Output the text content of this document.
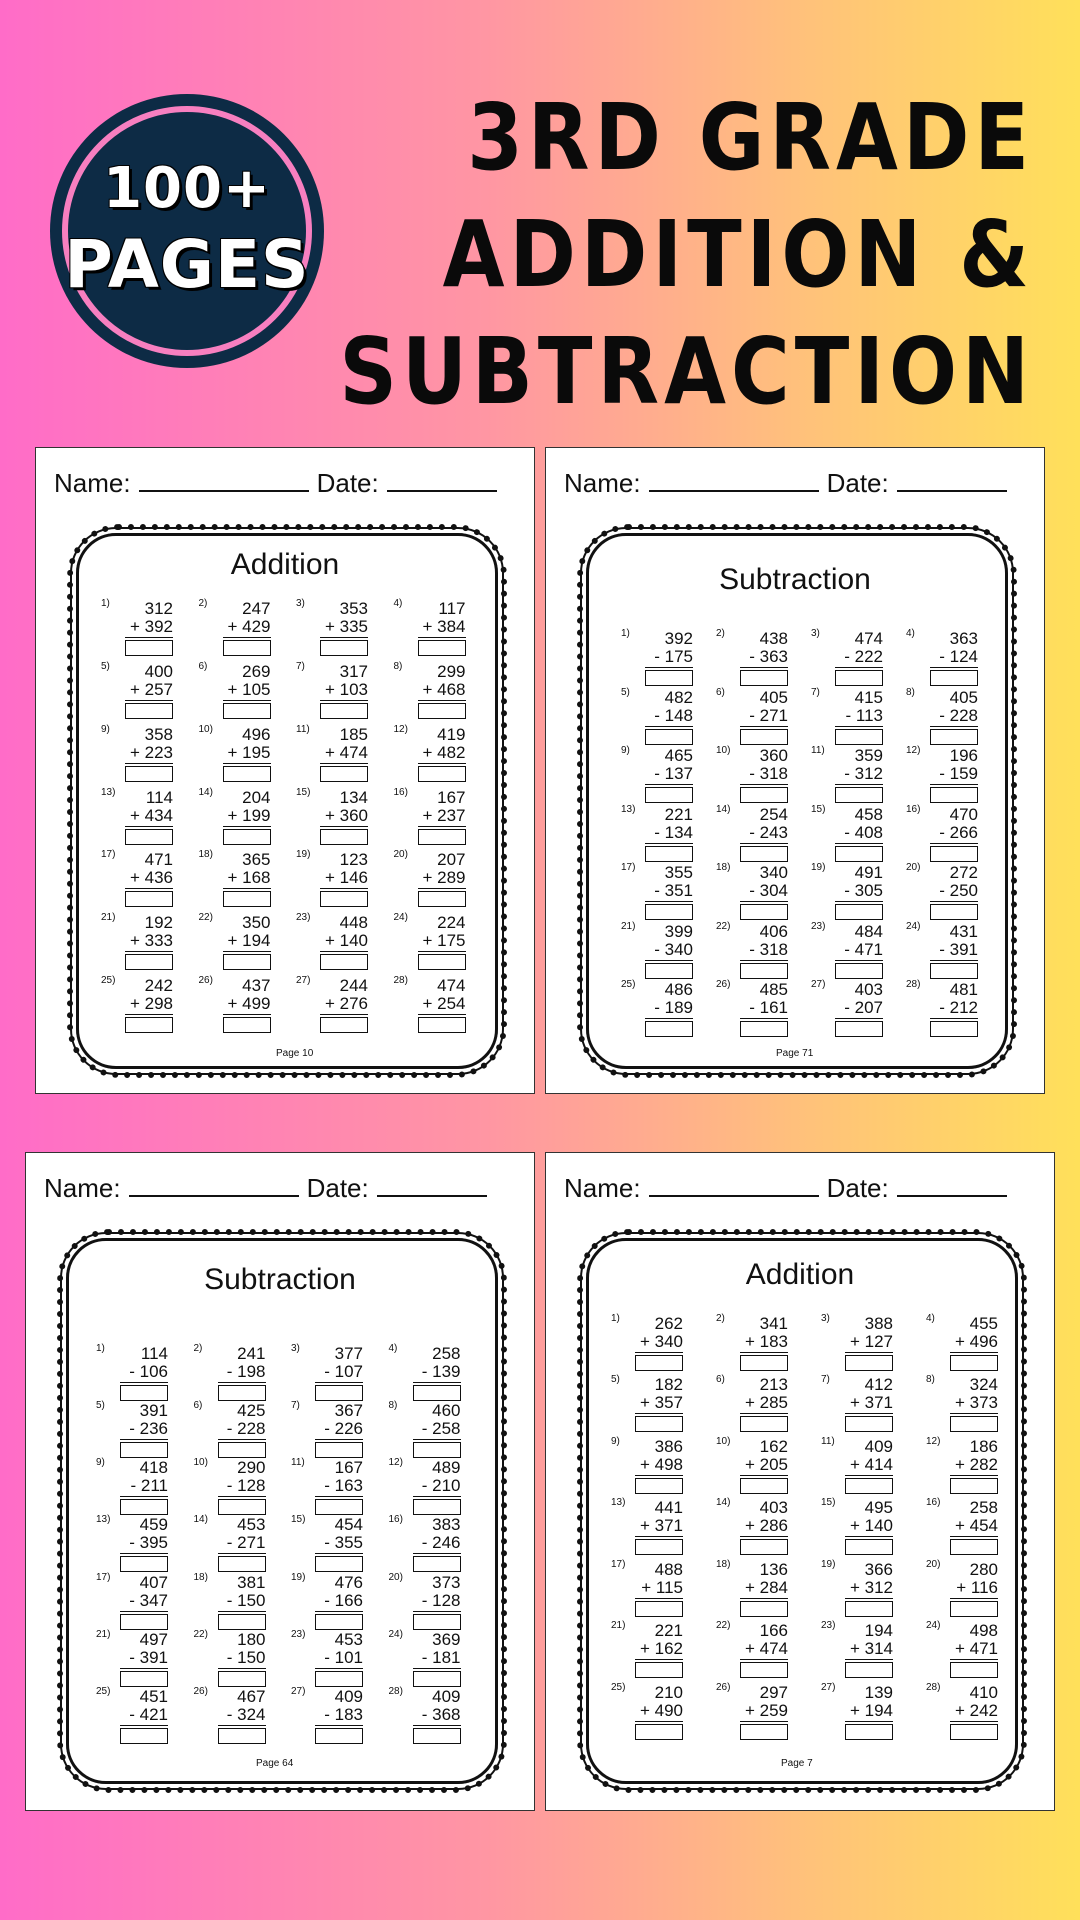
100+
PAGES
3RD GRADE
ADDITION &
SUBTRACTION
Name:	Date:
Addition
1)	312
+ 392
2)	247
+ 429
3)	353
+ 335
4)	117
+ 384
5)	400
+ 257
6)	269
+ 105
7)	317
+ 103
8)	299
+ 468
9)	358
+ 223
10)	496
+ 195
11)	185
+ 474
12)	419
+ 482
13)	114
+ 434
14)	204
+ 199
15)	134
+ 360
16)	167
+ 237
17)	471
+ 436
18)	365
+ 168
19)	123
+ 146
20)	207
+ 289
21)	192
+ 333
22)	350
+ 194
23)	448
+ 140
24)	224
+ 175
25)	242
+ 298
26)	437
+ 499
27)	244
+ 276
28)	474
+ 254
Page 10
Name:	Date:
Subtraction
1)	392
- 175
2)	438
- 363
3)	474
- 222
4)	363
- 124
5)	482
- 148
6)	405
- 271
7)	415
- 113
8)	405
- 228
9)	465
- 137
10)	360
- 318
11)	359
- 312
12)	196
- 159
13)	221
- 134
14)	254
- 243
15)	458
- 408
16)	470
- 266
17)	355
- 351
18)	340
- 304
19)	491
- 305
20)	272
- 250
21)	399
- 340
22)	406
- 318
23)	484
- 471
24)	431
- 391
25)	486
- 189
26)	485
- 161
27)	403
- 207
28)	481
- 212
Page 71
Name:	Date:
Subtraction
1)	114
- 106
2)	241
- 198
3)	377
- 107
4)	258
- 139
5)	391
- 236
6)	425
- 228
7)	367
- 226
8)	460
- 258
9)	418
- 211
10)	290
- 128
11)	167
- 163
12)	489
- 210
13)	459
- 395
14)	453
- 271
15)	454
- 355
16)	383
- 246
17)	407
- 347
18)	381
- 150
19)	476
- 166
20)	373
- 128
21)	497
- 391
22)	180
- 150
23)	453
- 101
24)	369
- 181
25)	451
- 421
26)	467
- 324
27)	409
- 183
28)	409
- 368
Page 64
Name:	Date:
Addition
1)	262
+ 340
2)	341
+ 183
3)	388
+ 127
4)	455
+ 496
5)	182
+ 357
6)	213
+ 285
7)	412
+ 371
8)	324
+ 373
9)	386
+ 498
10)	162
+ 205
11)	409
+ 414
12)	186
+ 282
13)	441
+ 371
14)	403
+ 286
15)	495
+ 140
16)	258
+ 454
17)	488
+ 115
18)	136
+ 284
19)	366
+ 312
20)	280
+ 116
21)	221
+ 162
22)	166
+ 474
23)	194
+ 314
24)	498
+ 471
25)	210
+ 490
26)	297
+ 259
27)	139
+ 194
28)	410
+ 242
Page 7
